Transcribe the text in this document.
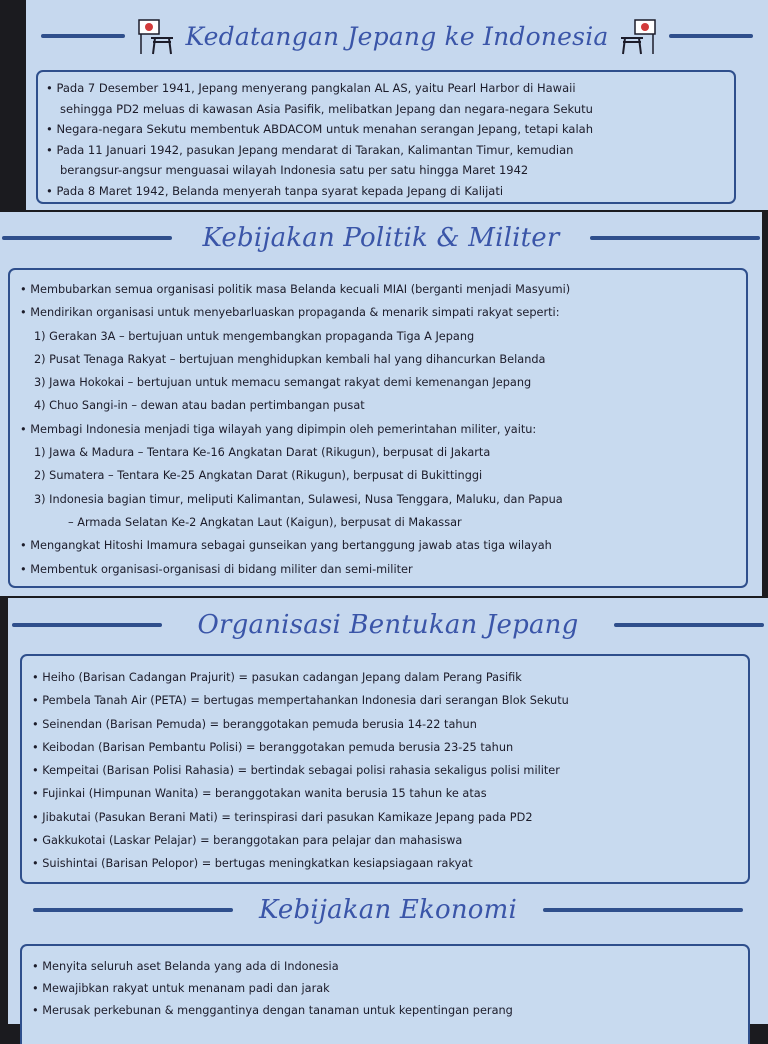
Kedatangan Jepang ke Indonesia
• Pada 7 Desember 1941, Jepang menyerang pangkalan AL AS, yaitu Pearl Harbor di Hawaii
sehingga PD2 meluas di kawasan Asia Pasifik, melibatkan Jepang dan negara-negara Sekutu
• Negara-negara Sekutu membentuk ABDACOM untuk menahan serangan Jepang, tetapi kalah
• Pada 11 Januari 1942, pasukan Jepang mendarat di Tarakan, Kalimantan Timur, kemudian
berangsur-angsur menguasai wilayah Indonesia satu per satu hingga Maret 1942
• Pada 8 Maret 1942, Belanda menyerah tanpa syarat kepada Jepang di Kalijati
Kebijakan Politik & Militer
• Membubarkan semua organisasi politik masa Belanda kecuali MIAI (berganti menjadi Masyumi)
• Mendirikan organisasi untuk menyebarluaskan propaganda & menarik simpati rakyat seperti:
1) Gerakan 3A – bertujuan untuk mengembangkan propaganda Tiga A Jepang
2) Pusat Tenaga Rakyat – bertujuan menghidupkan kembali hal yang dihancurkan Belanda
3) Jawa Hokokai – bertujuan untuk memacu semangat rakyat demi kemenangan Jepang
4) Chuo Sangi-in – dewan atau badan pertimbangan pusat
• Membagi Indonesia menjadi tiga wilayah yang dipimpin oleh pemerintahan militer, yaitu:
1) Jawa & Madura – Tentara Ke-16 Angkatan Darat (Rikugun), berpusat di Jakarta
2) Sumatera – Tentara Ke-25 Angkatan Darat (Rikugun), berpusat di Bukittinggi
3) Indonesia bagian timur, meliputi Kalimantan, Sulawesi, Nusa Tenggara, Maluku, dan Papua
– Armada Selatan Ke-2 Angkatan Laut (Kaigun), berpusat di Makassar
• Mengangkat Hitoshi Imamura sebagai gunseikan yang bertanggung jawab atas tiga wilayah
• Membentuk organisasi-organisasi di bidang militer dan semi-militer
Organisasi Bentukan Jepang
• Heiho (Barisan Cadangan Prajurit) = pasukan cadangan Jepang dalam Perang Pasifik
• Pembela Tanah Air (PETA) = bertugas mempertahankan Indonesia dari serangan Blok Sekutu
• Seinendan (Barisan Pemuda) = beranggotakan pemuda berusia 14-22 tahun
• Keibodan (Barisan Pembantu Polisi) = beranggotakan pemuda berusia 23-25 tahun
• Kempeitai (Barisan Polisi Rahasia) = bertindak sebagai polisi rahasia sekaligus polisi militer
• Fujinkai (Himpunan Wanita) = beranggotakan wanita berusia 15 tahun ke atas
• Jibakutai (Pasukan Berani Mati) = terinspirasi dari pasukan Kamikaze Jepang pada PD2
• Gakkukotai (Laskar Pelajar) = beranggotakan para pelajar dan mahasiswa
• Suishintai (Barisan Pelopor) = bertugas meningkatkan kesiapsiagaan rakyat
Kebijakan Ekonomi
• Menyita seluruh aset Belanda yang ada di Indonesia
• Mewajibkan rakyat untuk menanam padi dan jarak
• Merusak perkebunan & menggantinya dengan tanaman untuk kepentingan perang
